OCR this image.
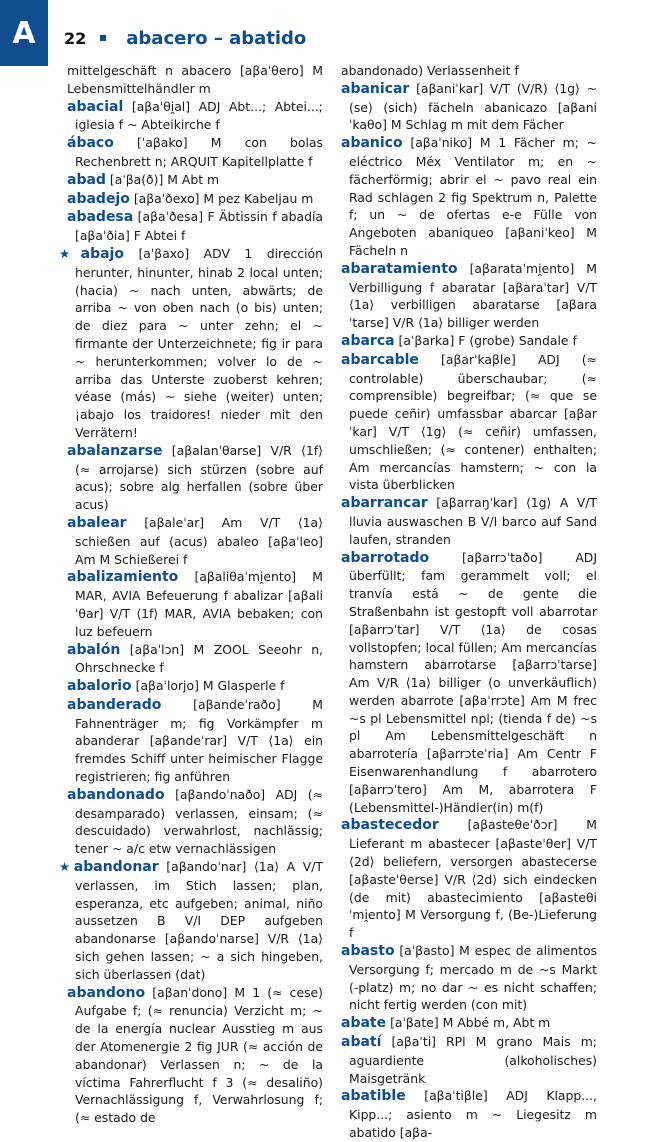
A	22 abacero – abatido

mittelgeschäft n abacero [aβaˈθero] M Lebensmittelhändler m

abacial [aβaˈθi̯al] ADJ Abt...; Abtei...; iglesia f ~ Abteikirche f

ábaco [ˈaβako] M con bolas Rechenbrett n; ARQUIT Kapitellplatte f

abad [aˈβa(ð)] M Abt m

abadejo [aβaˈðexo] M pez Kabeljau m

abadesa [aβaˈðesa] F Äbtissin f abadía [aβaˈðia] F Abtei f

★abajo [aˈβaxo] ADV 1 dirección herunter, hinunter, hinab 2 local unten; (hacia) ~ nach unten, abwärts; de arriba ~ von oben nach (o bis) unten; de diez para ~ unter zehn; el ~ firmante der Unterzeichnete; fig ir para ~ herunterkommen; volver lo de ~ arriba das Unterste zuoberst kehren; véase (más) ~ siehe (weiter) unten; ¡abajo los traidores! nieder mit den Verrätern!

abalanzarse [aβalanˈθarse] V/R ⟨1f⟩ (≈ arrojarse) sich stürzen (sobre auf acus); sobre alg herfallen (sobre über acus)

abalear [aβaleˈar] Am V/T ⟨1a⟩ schießen auf (acus) abaleo [aβaˈleo] Am M Schießerei f

abalizamiento [aβaliθaˈmi̯ento] M MAR, AVIA Befeuerung f abalizar [aβaliˈθar] V/T ⟨1f⟩ MAR, AVIA bebaken; con luz befeuern

abalón [aβaˈlɔn] M ZOOL Seeohr n, Ohrschnecke f

abalorio [aβaˈlorjo] M Glasperle f

abanderado	[aβandeˈraðo] M Fahnenträger m; fig Vorkämpfer m abanderar [aβandeˈrar] V/T ⟨1a⟩ ein fremdes Schiff unter heimischer Flagge registrieren; fig anführen

abandonado [aβandoˈnaðo] ADJ (≈ desamparado) verlassen, einsam; (≈ descuidado) verwahrlost, nachlässig; tener ~ a/c etw vernachlässigen

★abandonar [aβandoˈnar] ⟨1a⟩ A V/T verlassen, im Stich lassen; plan, esperanza, etc aufgeben; animal, niño aussetzen B V/I DEP aufgeben abandonarse [aβandoˈnarse] V/R ⟨1a⟩ sich gehen lassen; ~ a sich hingeben, sich überlassen (dat)

abandono [aβanˈdono] M 1 (≈ cese) Aufgabe f; (≈ renuncia) Verzicht m; ~ de la energía nuclear Ausstieg m aus der Atomenergie 2 fig JUR (≈ acción de abandonar) Verlassen n; ~ de la víctima Fahrerflucht f 3 (≈ desaliño) Vernachlässigung f, Verwahrlosung f; (≈ estado de

abandonado) Verlassenheit f

abanicar [aβaniˈkar] V/T (V/R) ⟨1g⟩ ~(se) (sich) fächeln abanicazo [aβaniˈkaθo] M Schlag m mit dem Fächer

abanico [aβaˈniko] M 1 Fächer m; ~ eléctrico Méx Ventilator m; en ~ fächerförmig; abrir el ~ pavo real ein Rad schlagen 2 fig Spektrum n, Palette f; un ~ de ofertas e-e Fülle von Angeboten abaniqueo [aβaniˈkeo] M Fächeln n

abaratamiento [aβarataˈmi̯ento] M Verbilligung f abaratar [aβaraˈtar] V/T ⟨1a⟩ verbilligen abaratarse [aβaraˈtarse] V/R ⟨1a⟩ billiger werden

abarca [aˈβarka] F (grobe) Sandale f

abarcable [aβarˈkaβle] ADJ (≈ controlable) überschaubar; (≈ comprensible) begreifbar; (≈ que se puede ceñir) umfassbar abarcar [aβarˈkar] V/T ⟨1g⟩ (≈ ceñir) umfassen, umschließen; (≈ contener) enthalten; Am mercancías hamstern; ~ con la vista überblicken

abarrancar [aβarraŋˈkar] ⟨1g⟩ A V/T lluvia auswaschen B V/I barco auf Sand laufen, stranden

abarrotado	[aβarrɔˈtaðo] ADJ überfüllt; fam gerammelt voll; el tranvía está ~ de gente die Straßenbahn ist gestopft voll abarrotar [aβarrɔˈtar] V/T ⟨1a⟩ de cosas vollstopfen; local füllen; Am mercancías hamstern abarrotarse [aβarrɔˈtarse] Am V/R ⟨1a⟩ billiger (o unverkäuflich) werden abarrote [aβaˈrrɔte] Am M frec ~s pl Lebensmittel npl; (tienda f de) ~s pl Am Lebensmittelgeschäft n abarrotería [aβarrɔteˈria] Am Centr F Eisenwarenhandlung f abarrotero [aβarrɔˈtero] Am M, abarrotera F (Lebensmittel-)Händler(in) m(f)

abastecedor [aβasteθeˈðɔr] M Lieferant m abastecer [aβasteˈθer] V/T ⟨2d⟩ beliefern, versorgen abastecerse [aβasteˈθerse] V/R ⟨2d⟩ sich eindecken (de mit) abastecimiento [aβasteθiˈmi̯ento] M Versorgung f, (Be-)Lieferung f

abasto [aˈβasto] M espec de alimentos Versorgung f; mercado m de ~s Markt (-platz) m; no dar ~ es nicht schaffen; nicht fertig werden (con mit)

abate [aˈβate] M Abbé m, Abt m

abatí [aβaˈti] RPl M grano Mais m; aguardiente (alkoholisches) Maisgetränk

abatible [aβaˈtiβle] ADJ Klapp..., Kipp...; asiento m ~ Liegesitz m abatido [aβa-
